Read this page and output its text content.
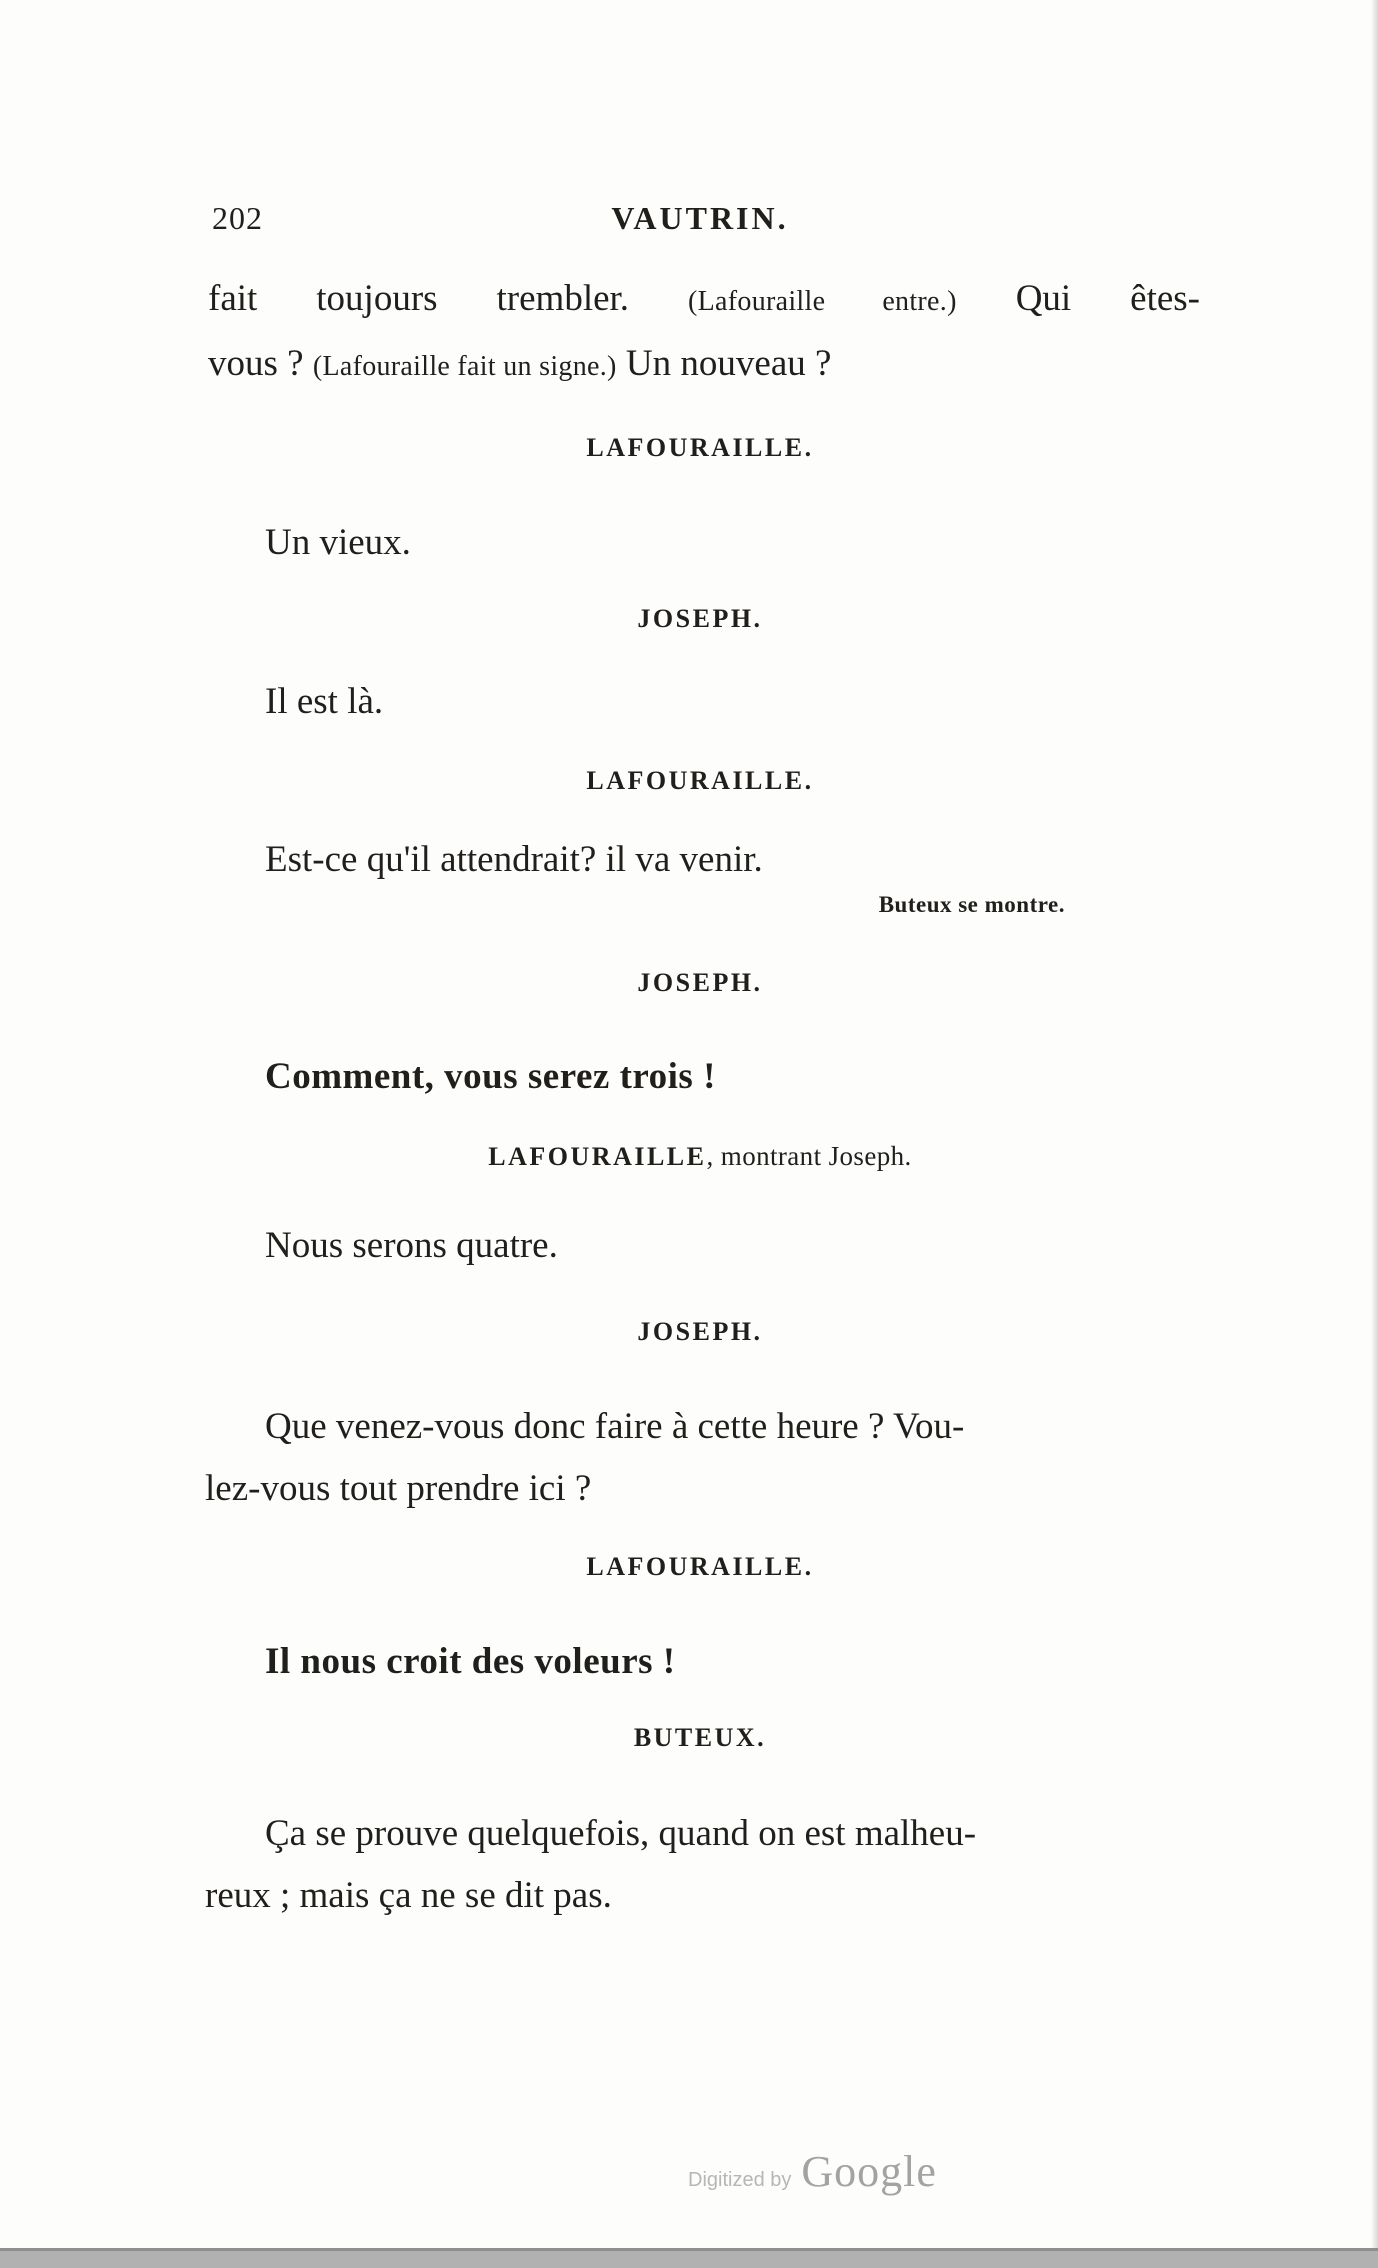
202	VAUTRIN.
fait toujours trembler. (Lafouraille entre.) Qui êtes-
vous ? (Lafouraille fait un signe.) Un nouveau ?
LAFOURAILLE.
Un vieux.
JOSEPH.
Il est là.
LAFOURAILLE.
Est-ce qu'il attendrait? il va venir.
Buteux se montre.
JOSEPH.
Comment, vous serez trois !
LAFOURAILLE, montrant Joseph.
Nous serons quatre.
JOSEPH.
Que venez-vous donc faire à cette heure ? Vou-
lez-vous tout prendre ici ?
LAFOURAILLE.
Il nous croit des voleurs !
BUTEUX.
Ça se prouve quelquefois, quand on est malheu-
reux ; mais ça ne se dit pas.
Digitized by Google
